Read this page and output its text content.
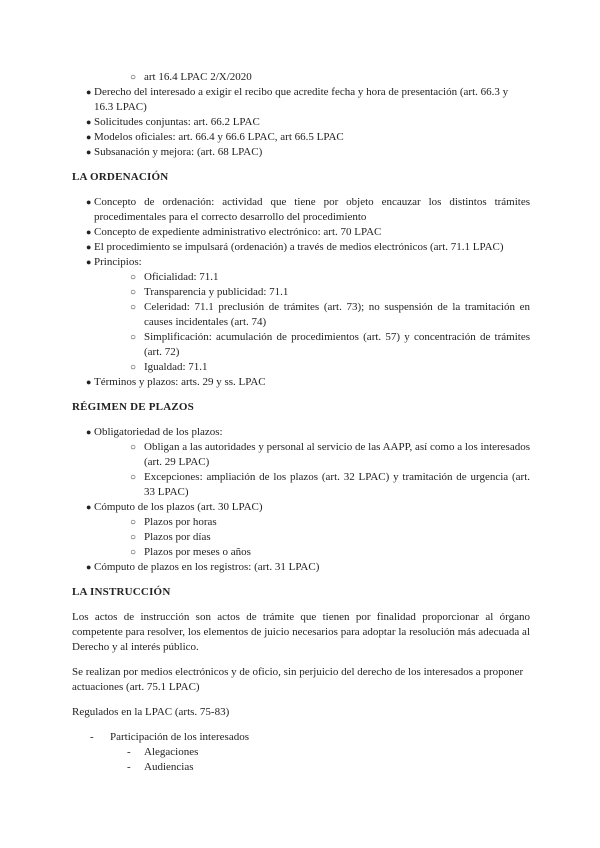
○ art 16.4 LPAC 2/X/2020
● Derecho del interesado a exigir el recibo que acredite fecha y hora de presentación (art. 66.3 y 16.3 LPAC)
● Solicitudes conjuntas: art. 66.2 LPAC
● Modelos oficiales: art. 66.4 y 66.6 LPAC, art 66.5 LPAC
● Subsanación y mejora: (art. 68 LPAC)
LA ORDENACIÓN
● Concepto de ordenación: actividad que tiene por objeto encauzar los distintos trámites procedimentales para el correcto desarrollo del procedimiento
● Concepto de expediente administrativo electrónico: art. 70 LPAC
● El procedimiento se impulsará (ordenación) a través de medios electrónicos (art. 71.1 LPAC)
● Principios:
○ Oficialidad: 71.1
○ Transparencia y publicidad: 71.1
○ Celeridad: 71.1 preclusión de trámites (art. 73); no suspensión de la tramitación en causes incidentales (art. 74)
○ Simplificación: acumulación de procedimientos (art. 57) y concentración de trámites (art. 72)
○ Igualdad: 71.1
● Términos y plazos: arts. 29 y ss. LPAC
RÉGIMEN DE PLAZOS
● Obligatoriedad de los plazos:
○ Obligan a las autoridades y personal al servicio de las AAPP, así como a los interesados (art. 29 LPAC)
○ Excepciones: ampliación de los plazos (art. 32 LPAC) y tramitación de urgencia (art. 33 LPAC)
● Cómputo de los plazos (art. 30 LPAC)
○ Plazos por horas
○ Plazos por días
○ Plazos por meses o años
● Cómputo de plazos en los registros: (art. 31 LPAC)
LA INSTRUCCIÓN

Los actos de instrucción son actos de trámite que tienen por finalidad proporcionar al órgano competente para resolver, los elementos de juicio necesarios para adoptar la resolución más adecuada al Derecho y al interés público.

Se realizan por medios electrónicos y de oficio, sin perjuicio del derecho de los interesados a proponer actuaciones (art. 75.1 LPAC)

Regulados en la LPAC (arts. 75-83)

- Participación de los interesados
- Alegaciones
- Audiencias
